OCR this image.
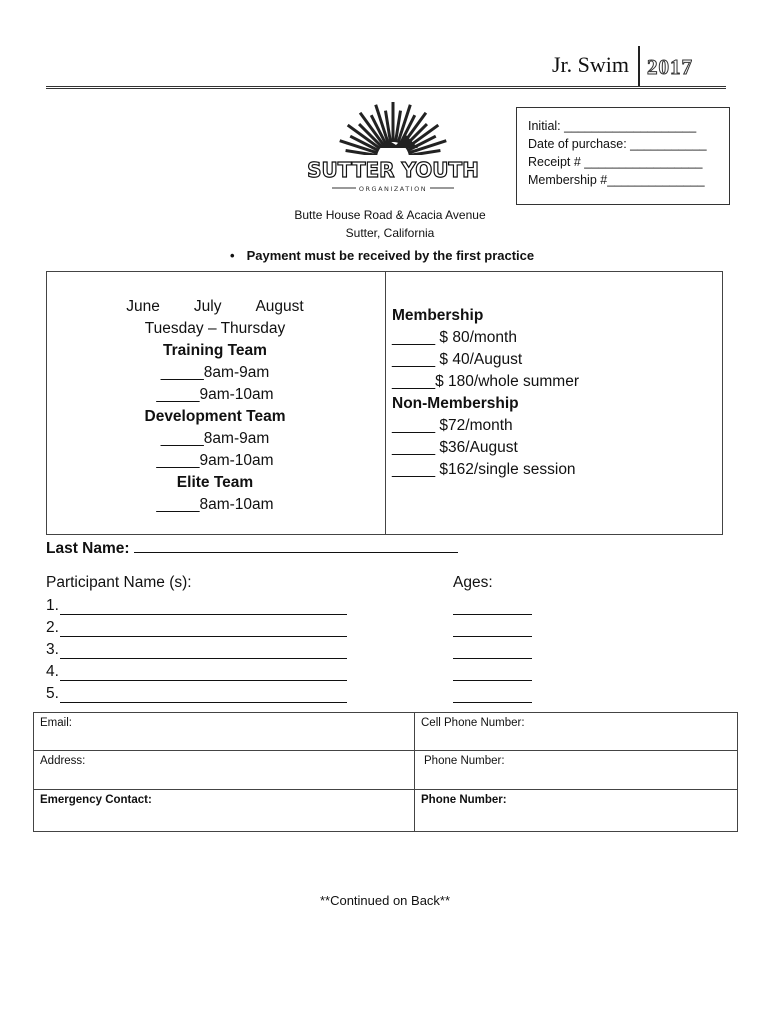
Jr. Swim 2017
SUTTER YOUTH
ORGANIZATION
Initial: ___________________
Date of purchase: ___________
Receipt # _________________
Membership #______________
Butte House Road & Acacia Avenue
Sutter, California
• Payment must be received by the first practice
June July August
Tuesday – Thursday
Training Team
_____8am-9am
_____9am-10am
Development Team
_____8am-9am
_____9am-10am
Elite Team
_____8am-10am
Membership
_____ $ 80/month
_____ $ 40/August
_____$ 180/whole summer
Non-Membership
_____ $72/month
_____ $36/August
_____ $162/single session
Last Name:
Participant Name (s):	Ages:
1.
2.
3.
4.
5.
Email:	Cell Phone Number:
Address:	Phone Number:
Emergency Contact:	Phone Number:
**Continued on Back**
